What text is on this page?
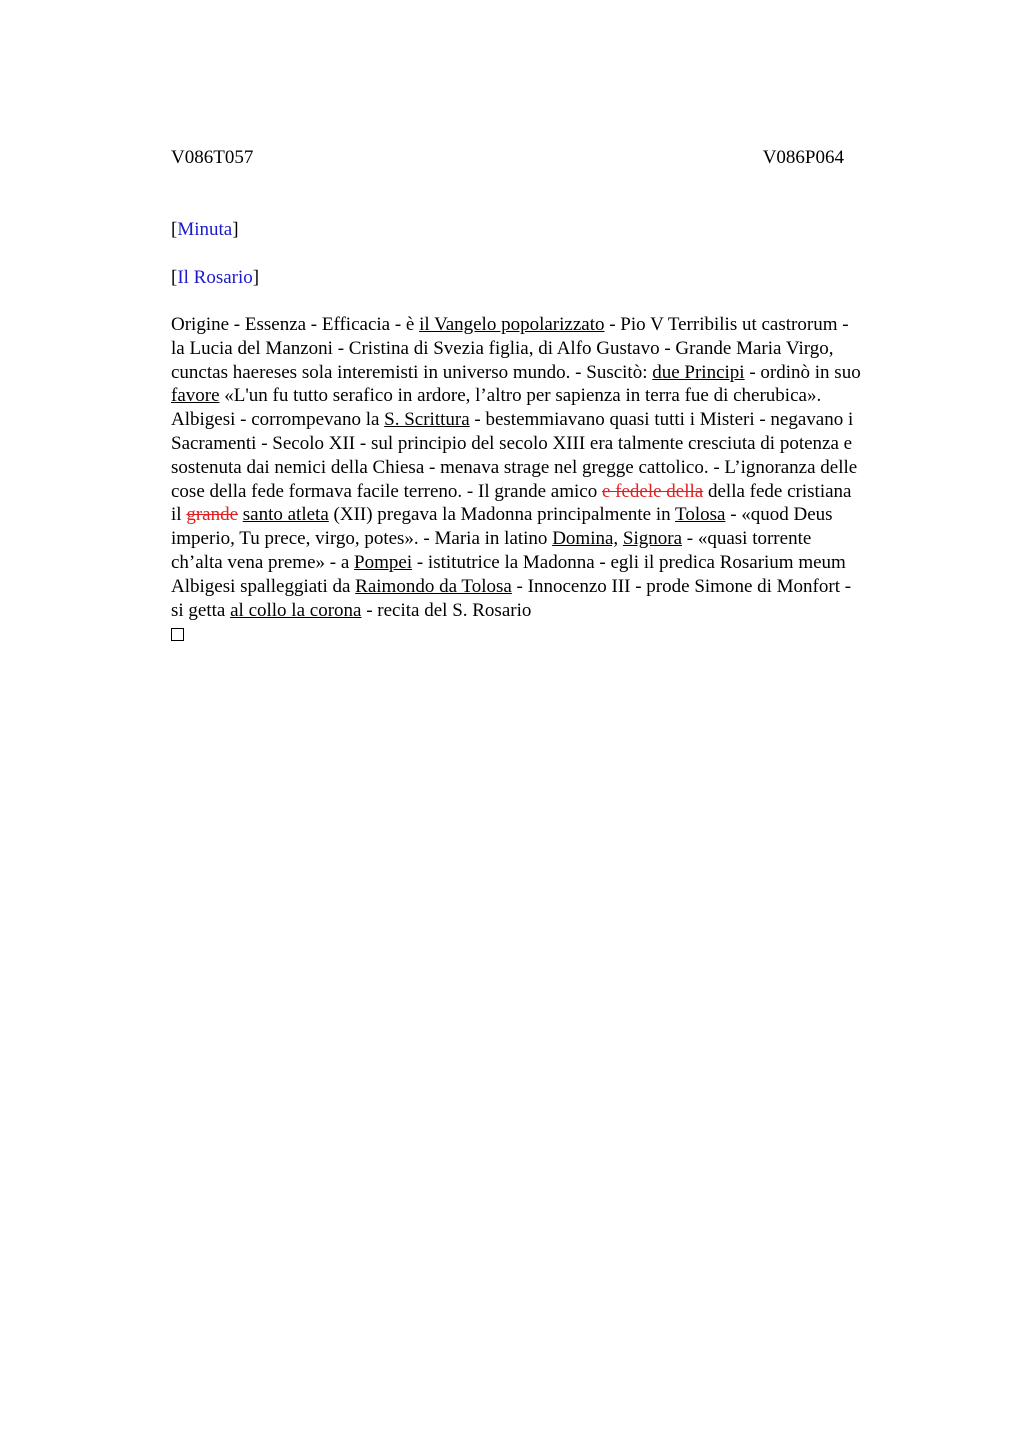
V086T057	V086P064
[Minuta]
[Il Rosario]
Origine - Essenza - Efficacia - è il Vangelo popolarizzato - Pio V Terribilis ut castrorum -
la Lucia del Manzoni - Cristina di Svezia figlia, di Alfo Gustavo - Grande Maria Virgo,
cunctas haereses sola interemisti in universo mundo. - Suscitò: due Principi - ordinò in suo
favore «L'un fu tutto serafico in ardore, l’altro per sapienza in terra fue di cherubica».
Albigesi - corrompevano la S. Scrittura - bestemmiavano quasi tutti i Misteri - negavano i
Sacramenti - Secolo XII - sul principio del secolo XIII era talmente cresciuta di potenza e
sostenuta dai nemici della Chiesa - menava strage nel gregge cattolico. - L’ignoranza delle
cose della fede formava facile terreno. - Il grande amico e fedele della della fede cristiana
il grande santo atleta (XII) pregava la Madonna principalmente in Tolosa - «quod Deus
imperio, Tu prece, virgo, potes». - Maria in latino Domina, Signora - «quasi torrente
ch’alta vena preme» - a Pompei - istitutrice la Madonna - egli il predica Rosarium meum
Albigesi spalleggiati da Raimondo da Tolosa - Innocenzo III - prode Simone di Monfort -
si getta al collo la corona - recita del S. Rosario
